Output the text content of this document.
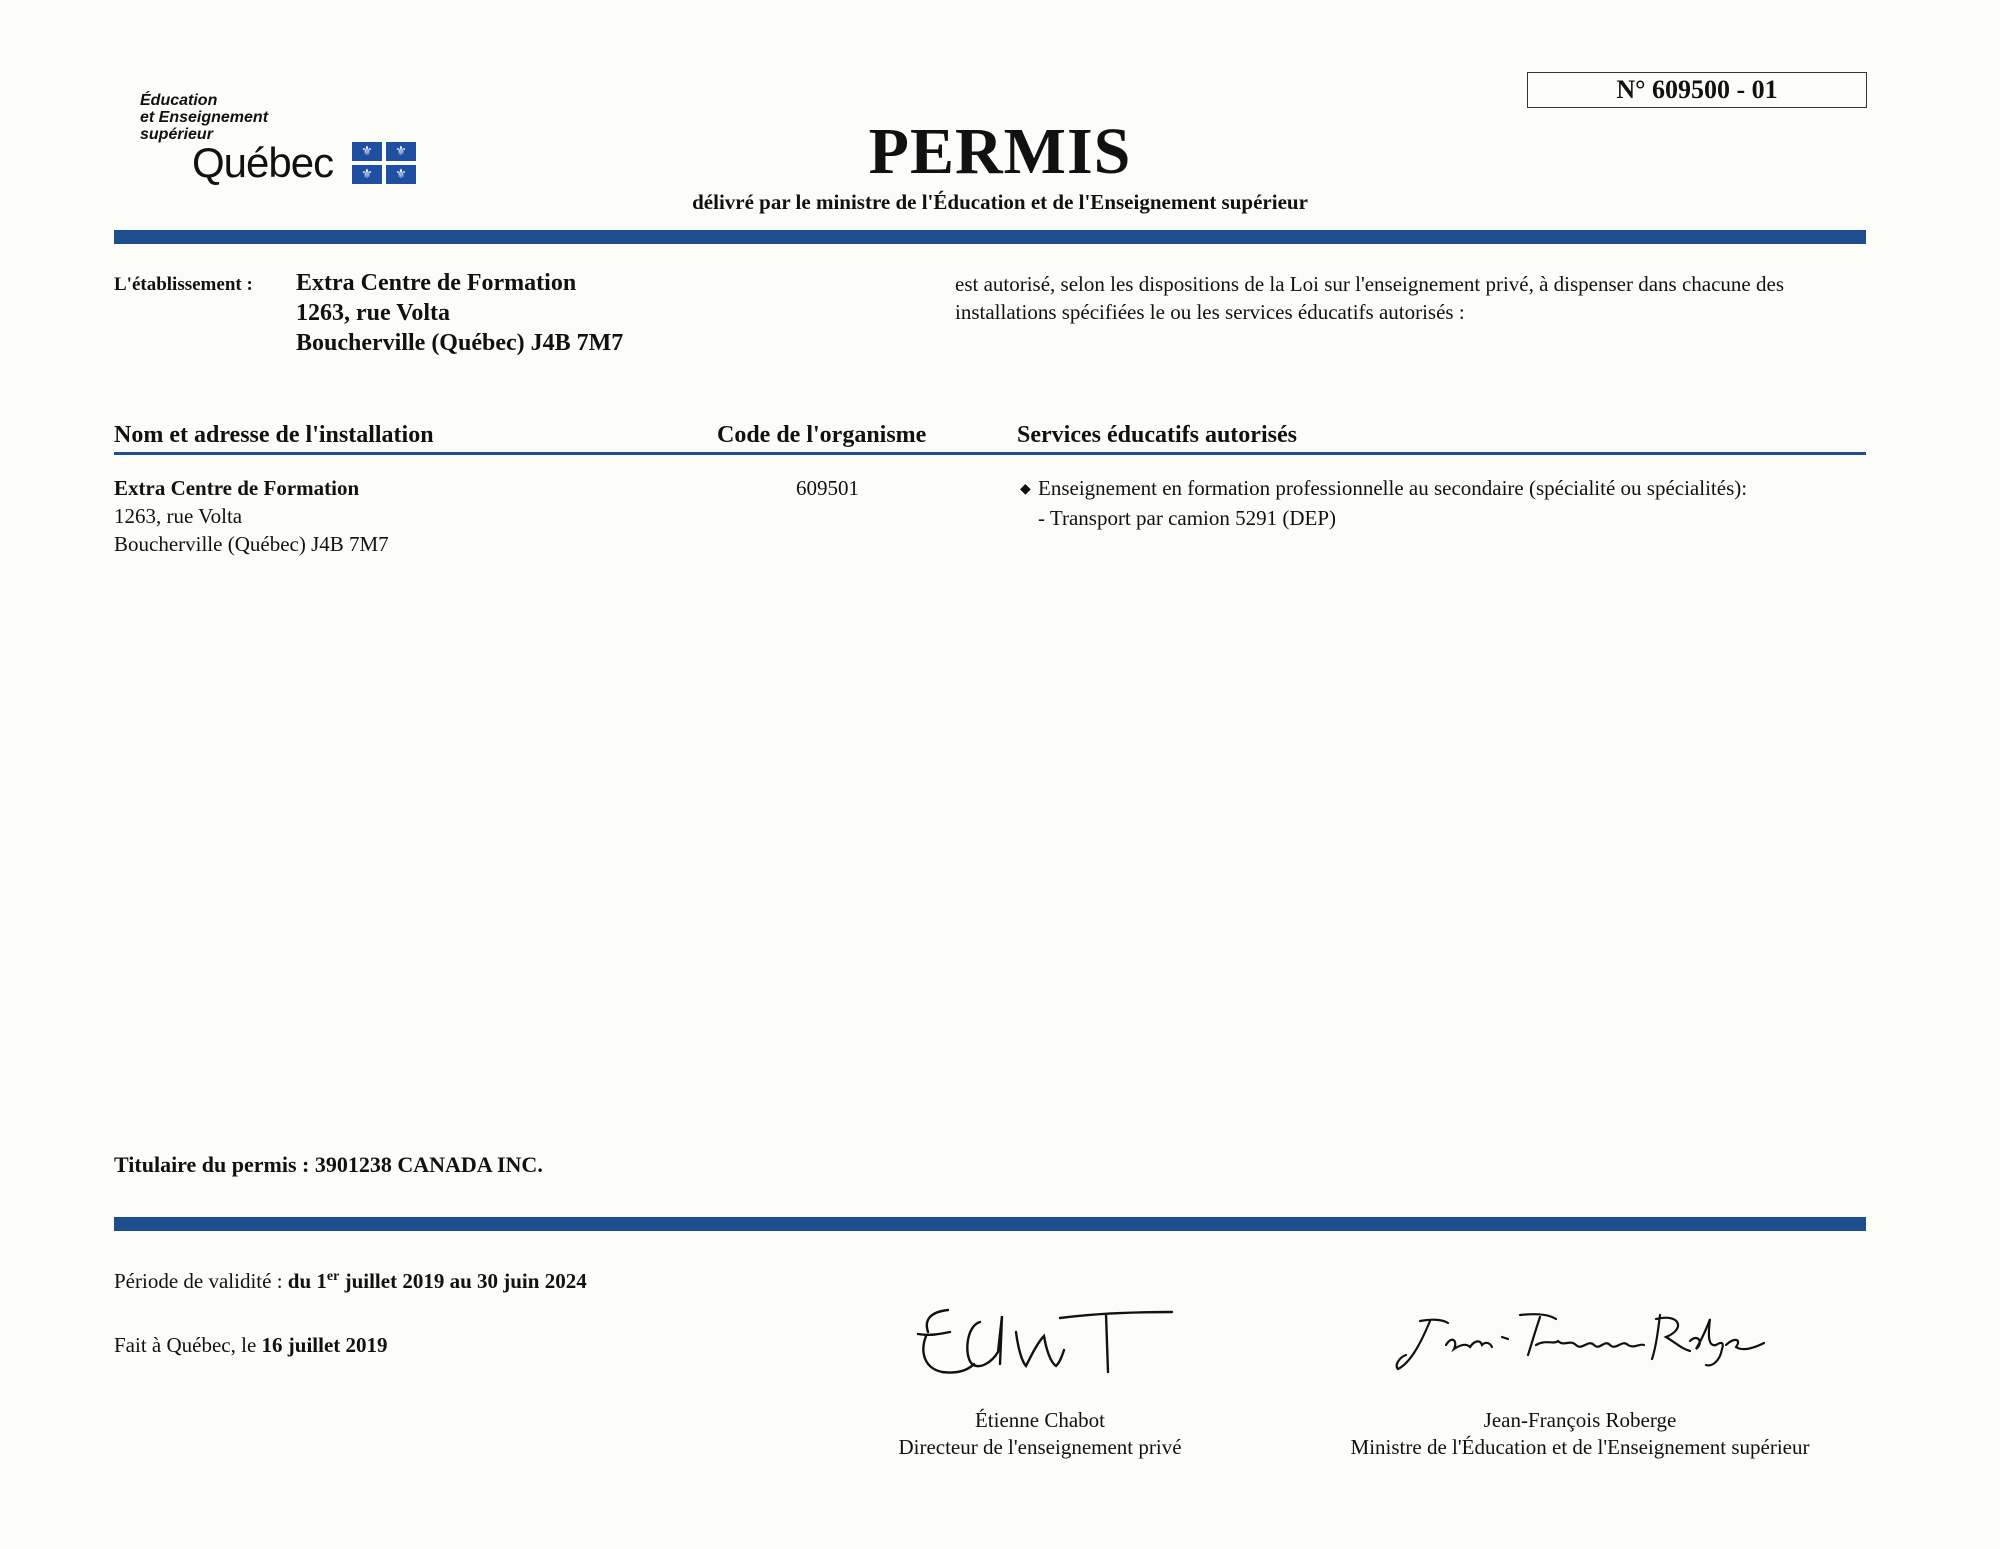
Éducation
et Enseignement
supérieur
Québec	⚜	⚜
⚜	⚜
N° 609500 - 01
PERMIS
délivré par le ministre de l'Éducation et de l'Enseignement supérieur
L'établissement : Extra Centre de Formation
1263, rue Volta
Boucherville (Québec) J4B 7M7
est autorisé, selon les dispositions de la Loi sur l'enseignement privé, à dispenser dans chacune des installations spécifiées le ou les services éducatifs autorisés :
Nom et adresse de l'installation	Code de l'organisme	Services éducatifs autorisés
Extra Centre de Formation
1263, rue Volta
Boucherville (Québec) J4B 7M7
609501	◆ Enseignement en formation professionnelle au secondaire (spécialité ou spécialités):
- Transport par camion 5291 (DEP)
Titulaire du permis : 3901238 CANADA INC.
Période de validité : du 1er juillet 2019 au 30 juin 2024
Fait à Québec, le 16 juillet 2019
Étienne Chabot
Directeur de l'enseignement privé
Jean-François Roberge
Ministre de l'Éducation et de l'Enseignement supérieur
